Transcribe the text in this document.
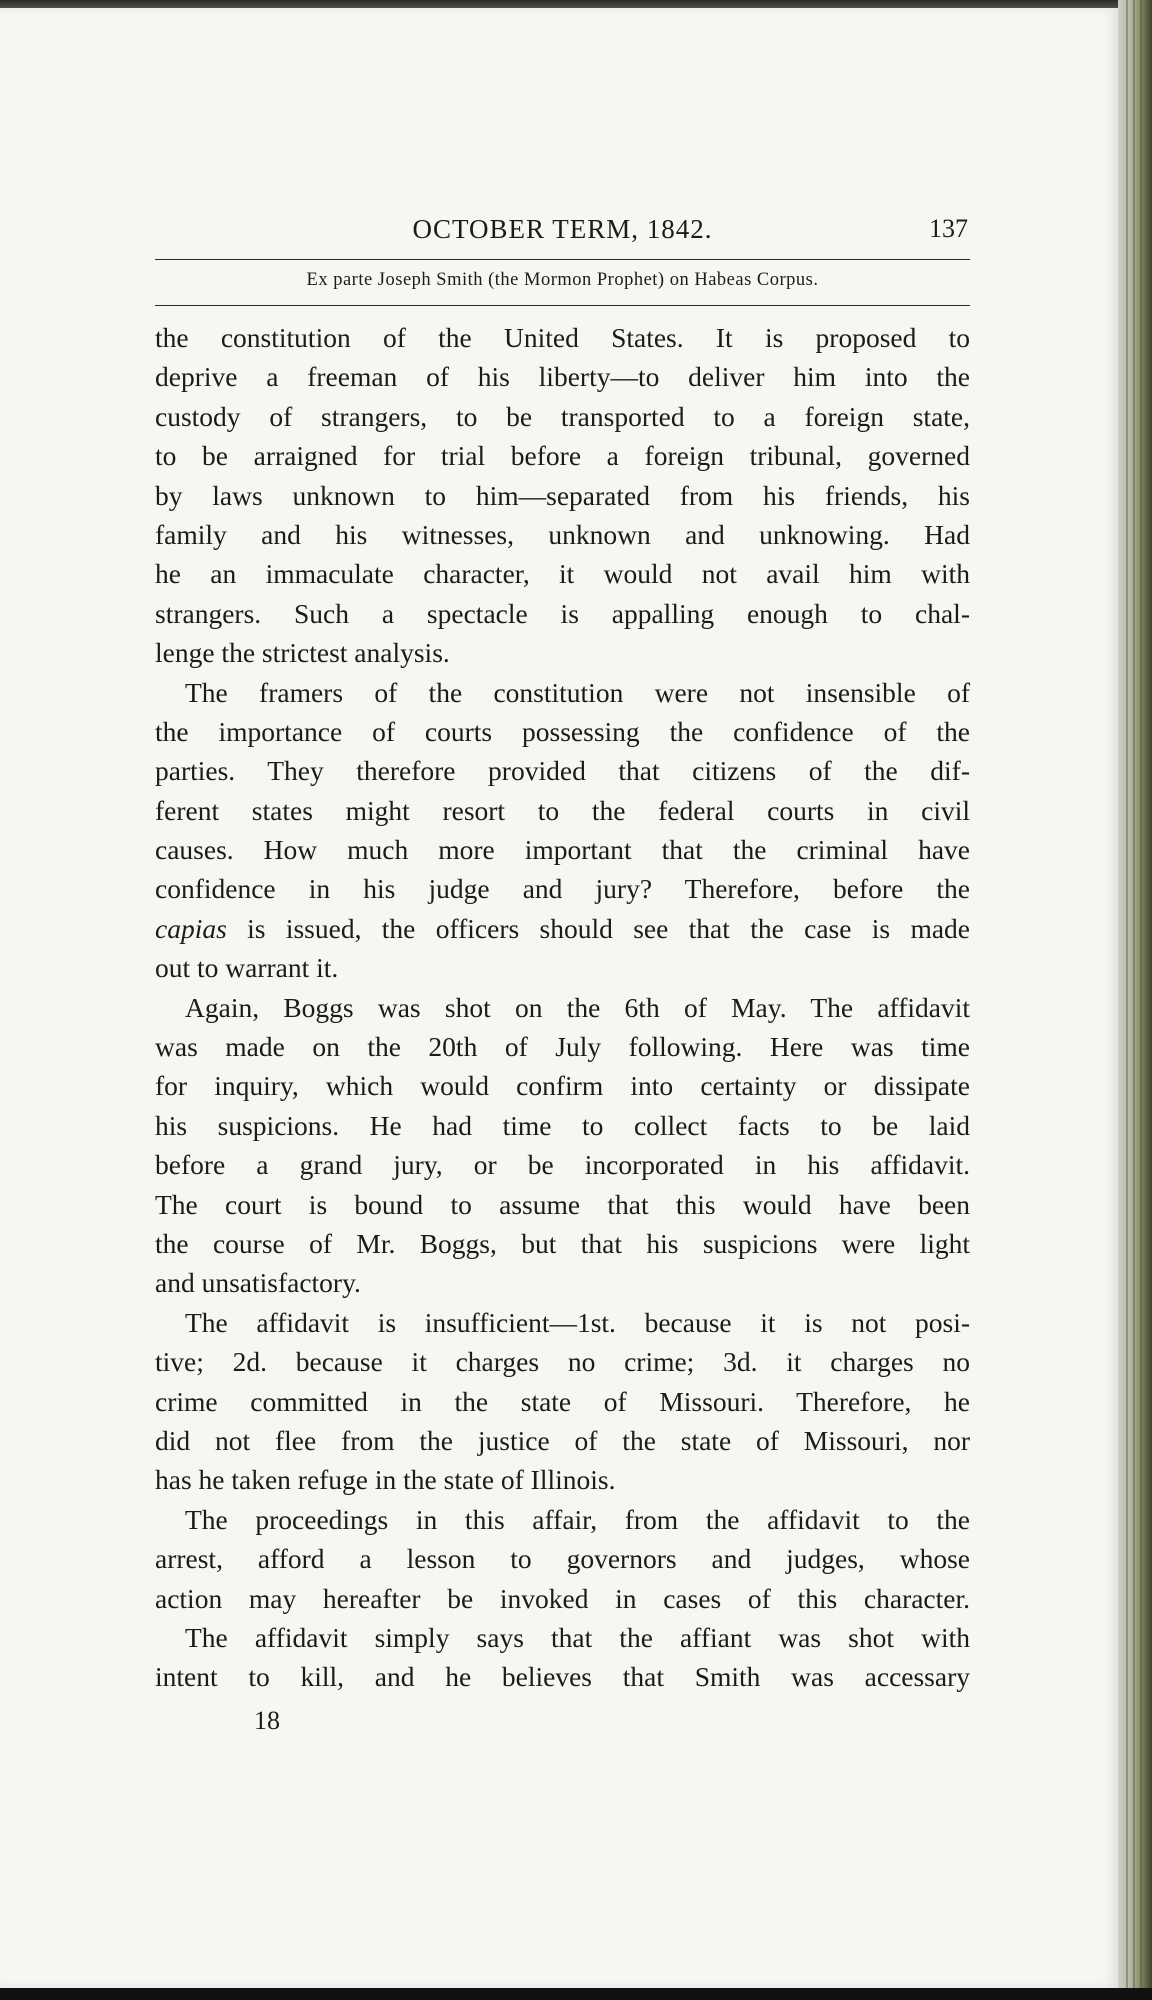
OCTOBER TERM, 1842.	137
Ex parte Joseph Smith (the Mormon Prophet) on Habeas Corpus.
the constitution of the United States. It is proposed to
deprive a freeman of his liberty—to deliver him into the
custody of strangers, to be transported to a foreign state,
to be arraigned for trial before a foreign tribunal, governed
by laws unknown to him—separated from his friends, his
family and his witnesses, unknown and unknowing. Had
he an immaculate character, it would not avail him with
strangers. Such a spectacle is appalling enough to chal-
lenge the strictest analysis.
The framers of the constitution were not insensible of
the importance of courts possessing the confidence of the
parties. They therefore provided that citizens of the dif-
ferent states might resort to the federal courts in civil
causes. How much more important that the criminal have
confidence in his judge and jury? Therefore, before the
capias is issued, the officers should see that the case is made
out to warrant it.
Again, Boggs was shot on the 6th of May. The affidavit
was made on the 20th of July following. Here was time
for inquiry, which would confirm into certainty or dissipate
his suspicions. He had time to collect facts to be laid
before a grand jury, or be incorporated in his affidavit.
The court is bound to assume that this would have been
the course of Mr. Boggs, but that his suspicions were light
and unsatisfactory.
The affidavit is insufficient—1st. because it is not posi-
tive; 2d. because it charges no crime; 3d. it charges no
crime committed in the state of Missouri. Therefore, he
did not flee from the justice of the state of Missouri, nor
has he taken refuge in the state of Illinois.
The proceedings in this affair, from the affidavit to the
arrest, afford a lesson to governors and judges, whose
action may hereafter be invoked in cases of this character.
The affidavit simply says that the affiant was shot with
intent to kill, and he believes that Smith was accessary
18
